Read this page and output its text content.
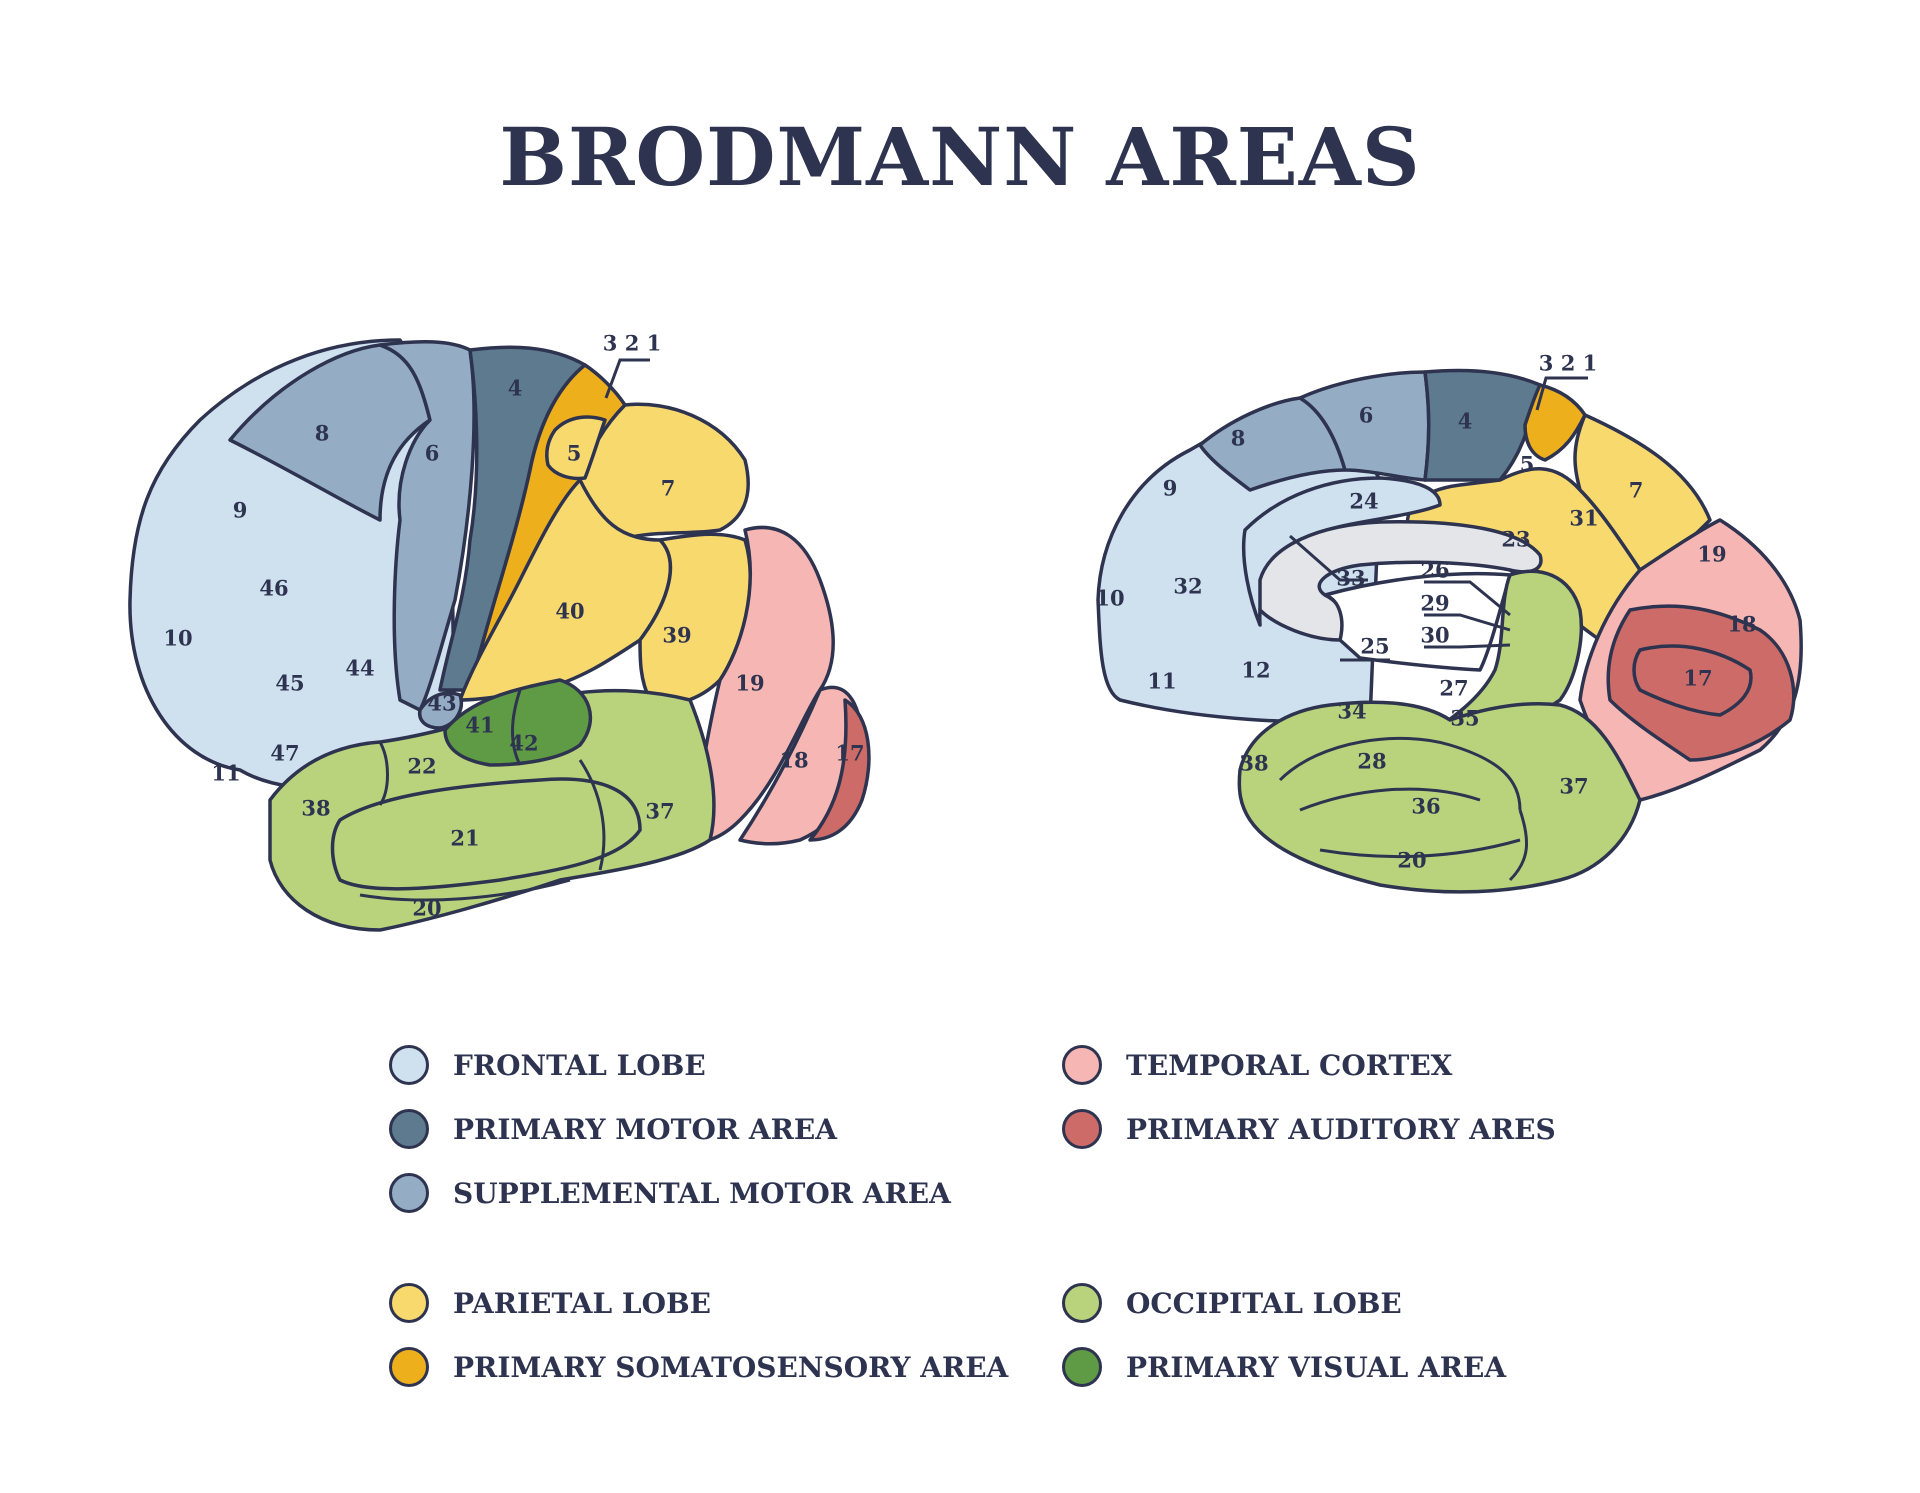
BRODMANN AREAS
4
8
6
9
46
10
45
44
47
11
5
7
40
39
43
41
42
19
18 17
22
38
21
37
20
3 2 1
8
6	4
5
7
9
24
23
31
10 32	33	26
29
30
25
11	12
19
18
17
27
35
34
28
38
36
37
20
3 2 1
FRONTAL LOBE
PRIMARY MOTOR AREA
SUPPLEMENTAL MOTOR AREA
PARIETAL LOBE
PRIMARY SOMATOSENSORY AREA
TEMPORAL CORTEX
PRIMARY AUDITORY ARES
OCCIPITAL LOBE
PRIMARY VISUAL AREA
